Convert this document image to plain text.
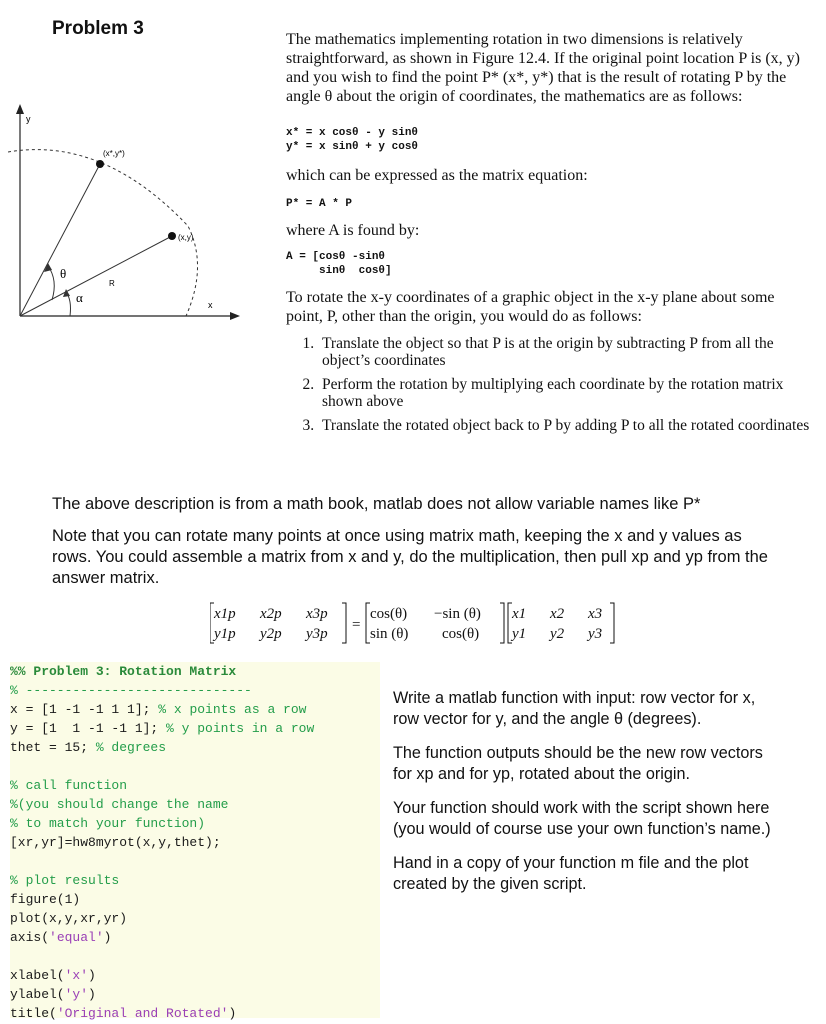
Problem 3
y
x
(x*,y*)
(x,y)
θ
α
R

The mathematics implementing rotation in two dimensions is relatively straightforward, as shown in Figure 12.4. If the original point location P is (x, y) and you wish to find the point P* (x*, y*) that is the result of rotating P by the angle θ about the origin of coordinates, the mathematics are as follows:

x* = x cosθ - y sinθ
y* = x sinθ + y cosθ

which can be expressed as the matrix equation:

P* = A * P

where A is found by:

A = [cosθ -sinθ
sinθ  cosθ]

To rotate the x-y coordinates of a graphic object in the x-y plane about some point, P, other than the origin, you would do as follows:

1. Translate the object so that P is at the origin by subtracting P from all the object’s coordinates
2. Perform the rotation by multiplying each coordinate by the rotation matrix shown above
3. Translate the rotated object back to P by adding P to all the rotated coordinates

The above description is from a math book, matlab does not allow variable names like P*

Note that you can rotate many points at once using matrix math, keeping the x and y values as rows. You could assemble a matrix from x and y, do the multiplication, then pull xp and yp from the answer matrix.

x1p x2p x3p
y1p y2p y3p
=
cos(θ) −sin (θ)
sin (θ) cos(θ)
x1 x2 x3
y1 y2 y3
%% Problem 3: Rotation Matrix
% -----------------------------
x = [1 -1 -1 1 1]; % x points as a row
y = [1  1 -1 -1 1]; % y points in a row
thet = 15; % degrees
% call function
%(you should change the name
% to match your function)
[xr,yr]=hw8myrot(x,y,thet);
% plot results
figure(1)
plot(x,y,xr,yr)
axis('equal')
xlabel('x')
ylabel('y')
title('Original and Rotated')

Write a matlab function with input: row vector for x, row vector for y, and the angle θ (degrees).

The function outputs should be the new row vectors for xp and for yp, rotated about the origin.

Your function should work with the script shown here (you would of course use your own function’s name.)

Hand in a copy of your function m file and the plot created by the given script.
